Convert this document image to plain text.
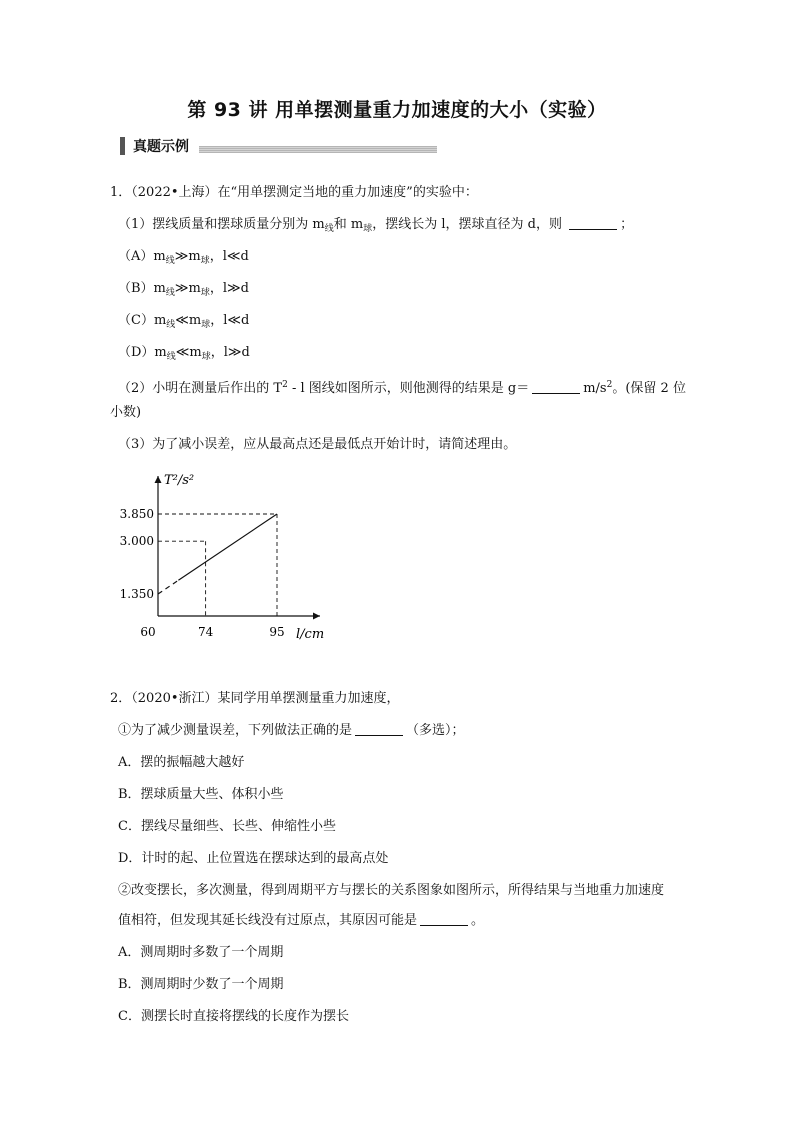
第 93 讲 用单摆测量重力加速度的大小（实验）
真题示例
1．（2022•上海）在“用单摆测定当地的重力加速度”的实验中：
（1）摆线质量和摆球质量分别为 $m_线$和 $m_球$，摆线长为 l，摆球直径为 d，则	；
$(A)m_线≫m_球$，l≪d
$(B)m_线≫m_球$，l≫d
$(C)m_线≪m_球$，l≪d
$(D)m_线≪m_球$，l≫d
（2）小明在测量后作出的 $T^2$ - l 图线如图所示，则他测得的结果是 g＝	$m/s^2$。(保留 2 位
小数)
（3）为了减小误差，应从最高点还是最低点开始计时，请简述理由。
T²/s²
l/cm
1.350
3.000
3.850
60	74	95
2．（2020•浙江）某同学用单摆测量重力加速度，
①为了减少测量误差，下列做法正确的是	（多选）；
A．摆的振幅越大越好
B．摆球质量大些、体积小些
C．摆线尽量细些、长些、伸缩性小些
D．计时的起、止位置选在摆球达到的最高点处
②改变摆长，多次测量，得到周期平方与摆长的关系图象如图所示，所得结果与当地重力加速度
值相符，但发现其延长线没有过原点，其原因可能是	。
A．测周期时多数了一个周期
B．测周期时少数了一个周期
C．测摆长时直接将摆线的长度作为摆长
